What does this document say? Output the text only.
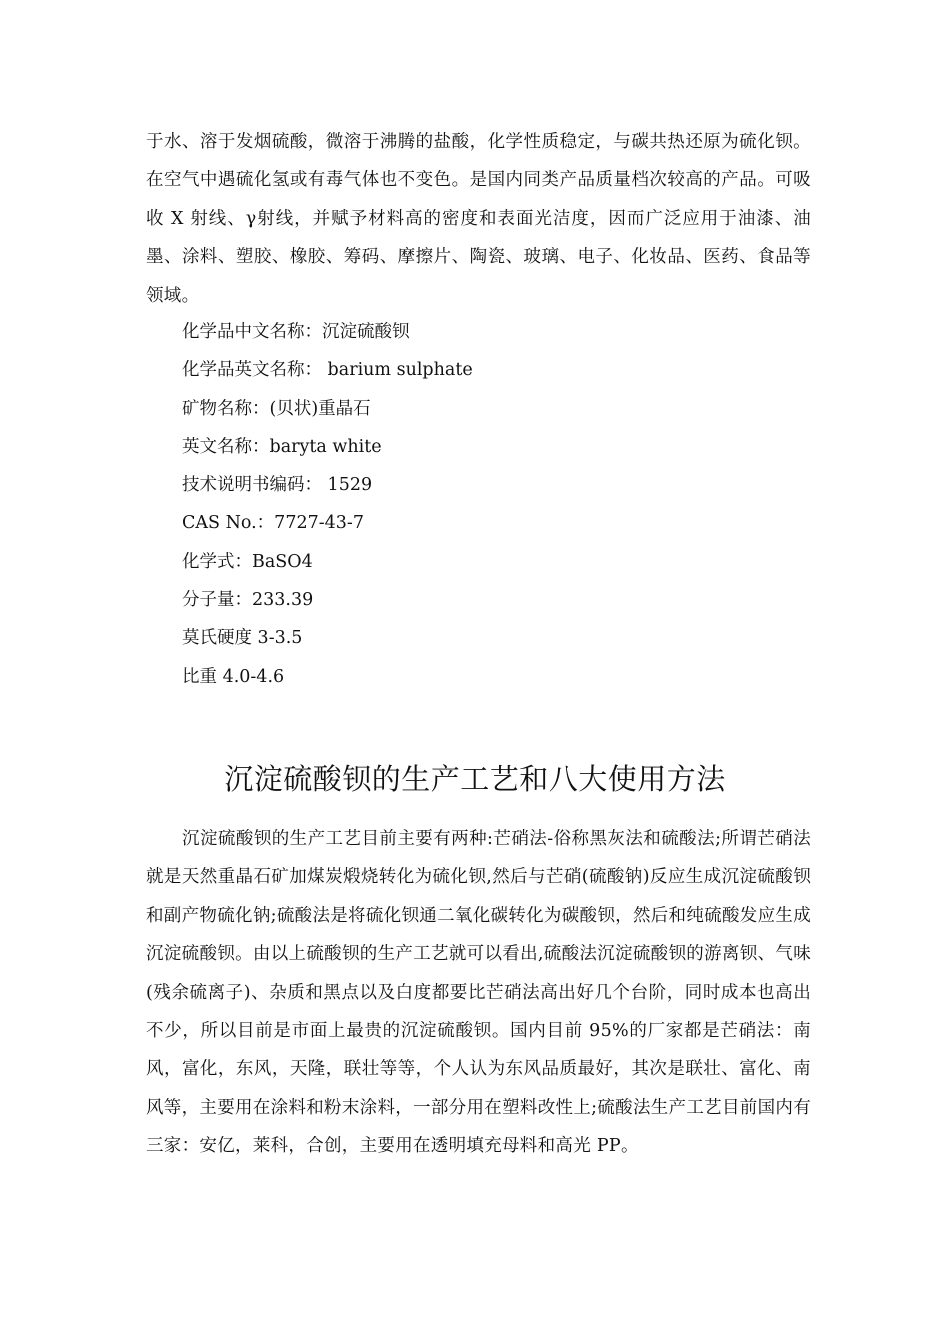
于水、溶于发烟硫酸，微溶于沸腾的盐酸，化学性质稳定，与碳共热还原为硫化钡。在空气中遇硫化氢或有毒气体也不变色。是国内同类产品质量档次较高的产品。可吸收 X 射线、γ射线，并赋予材料高的密度和表面光洁度，因而广泛应用于油漆、油墨、涂料、塑胶、橡胶、筹码、摩擦片、陶瓷、玻璃、电子、化妆品、医药、食品等领域。

化学品中文名称：沉淀硫酸钡
化学品英文名称： barium sulphate
矿物名称：(贝状)重晶石
英文名称：baryta white
技术说明书编码： 1529
CAS No.：7727-43-7
化学式：BaSO4
分子量：233.39
莫氏硬度 3-3.5
比重 4.0-4.6
沉淀硫酸钡的生产工艺和八大使用方法

沉淀硫酸钡的生产工艺目前主要有两种:芒硝法-俗称黑灰法和硫酸法;所谓芒硝法就是天然重晶石矿加煤炭煅烧转化为硫化钡,然后与芒硝(硫酸钠)反应生成沉淀硫酸钡和副产物硫化钠;硫酸法是将硫化钡通二氧化碳转化为碳酸钡，然后和纯硫酸发应生成沉淀硫酸钡。由以上硫酸钡的生产工艺就可以看出,硫酸法沉淀硫酸钡的游离钡、气味(残余硫离子)、杂质和黑点以及白度都要比芒硝法高出好几个台阶，同时成本也高出不少，所以目前是市面上最贵的沉淀硫酸钡。国内目前 95%的厂家都是芒硝法：南风，富化，东风，天隆，联壮等等，个人认为东风品质最好，其次是联壮、富化、南风等，主要用在涂料和粉末涂料，一部分用在塑料改性上;硫酸法生产工艺目前国内有三家：安亿，莱科，合创，主要用在透明填充母料和高光 PP。
